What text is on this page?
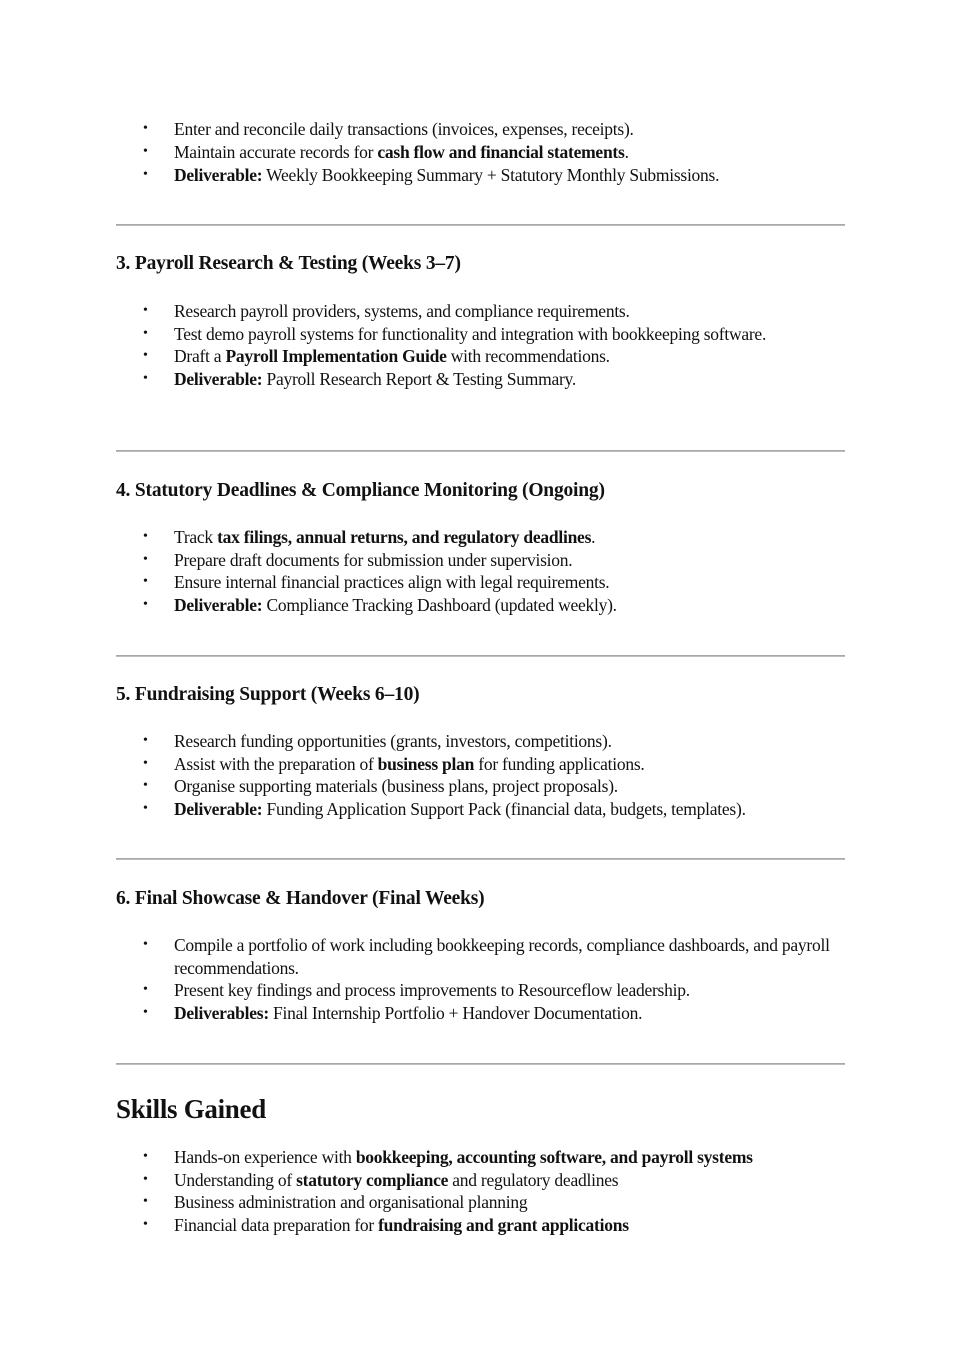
• Enter and reconcile daily transactions (invoices, expenses, receipts).
• Maintain accurate records for cash flow and financial statements.
• Deliverable: Weekly Bookkeeping Summary + Statutory Monthly Submissions.
3. Payroll Research & Testing (Weeks 3–7)
• Research payroll providers, systems, and compliance requirements.
• Test demo payroll systems for functionality and integration with bookkeeping software.
• Draft a Payroll Implementation Guide with recommendations.
• Deliverable: Payroll Research Report & Testing Summary.
4. Statutory Deadlines & Compliance Monitoring (Ongoing)
• Track tax filings, annual returns, and regulatory deadlines.
• Prepare draft documents for submission under supervision.
• Ensure internal financial practices align with legal requirements.
• Deliverable: Compliance Tracking Dashboard (updated weekly).
5. Fundraising Support (Weeks 6–10)
• Research funding opportunities (grants, investors, competitions).
• Assist with the preparation of business plan for funding applications.
• Organise supporting materials (business plans, project proposals).
• Deliverable: Funding Application Support Pack (financial data, budgets, templates).
6. Final Showcase & Handover (Final Weeks)
• Compile a portfolio of work including bookkeeping records, compliance dashboards, and payroll recommendations.
• Present key findings and process improvements to Resourceflow leadership.
• Deliverables: Final Internship Portfolio + Handover Documentation.
Skills Gained
• Hands-on experience with bookkeeping, accounting software, and payroll systems
• Understanding of statutory compliance and regulatory deadlines
• Business administration and organisational planning
• Financial data preparation for fundraising and grant applications
